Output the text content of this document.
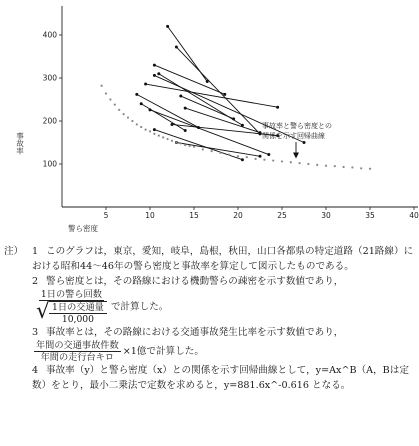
5	10	15	20	25	30	35	40
100
200
300
400
事故率
警ら密度
事故率と警ら密度との
関係を示す回帰曲線
注） 1 このグラフは，東京，愛知，岐阜，島根，秋田，山口各都県の特定道路（21路線）における昭和44〜46年の警ら密度と事故率を算定して図示したものである。
2 警ら密度とは，その路線における機動警らの疎密を示す数値であり，

1日の警ら回数
√ 1日の交通量
10,000 で計算した。
3 事故率とは，その路線における交通事故発生比率を示す数値であり，

$\frac{\text{年間の交通事故件数}}{\text{年間の走行台キロ}} \times 1$億で計算した。
4 事故率（y）と警ら密度（x）との関係を示す回帰曲線として，y=Ax^B（A，Bは定数）をとり，最小二乗法で定数を求めると，y=881.6x^-0.616 となる。
